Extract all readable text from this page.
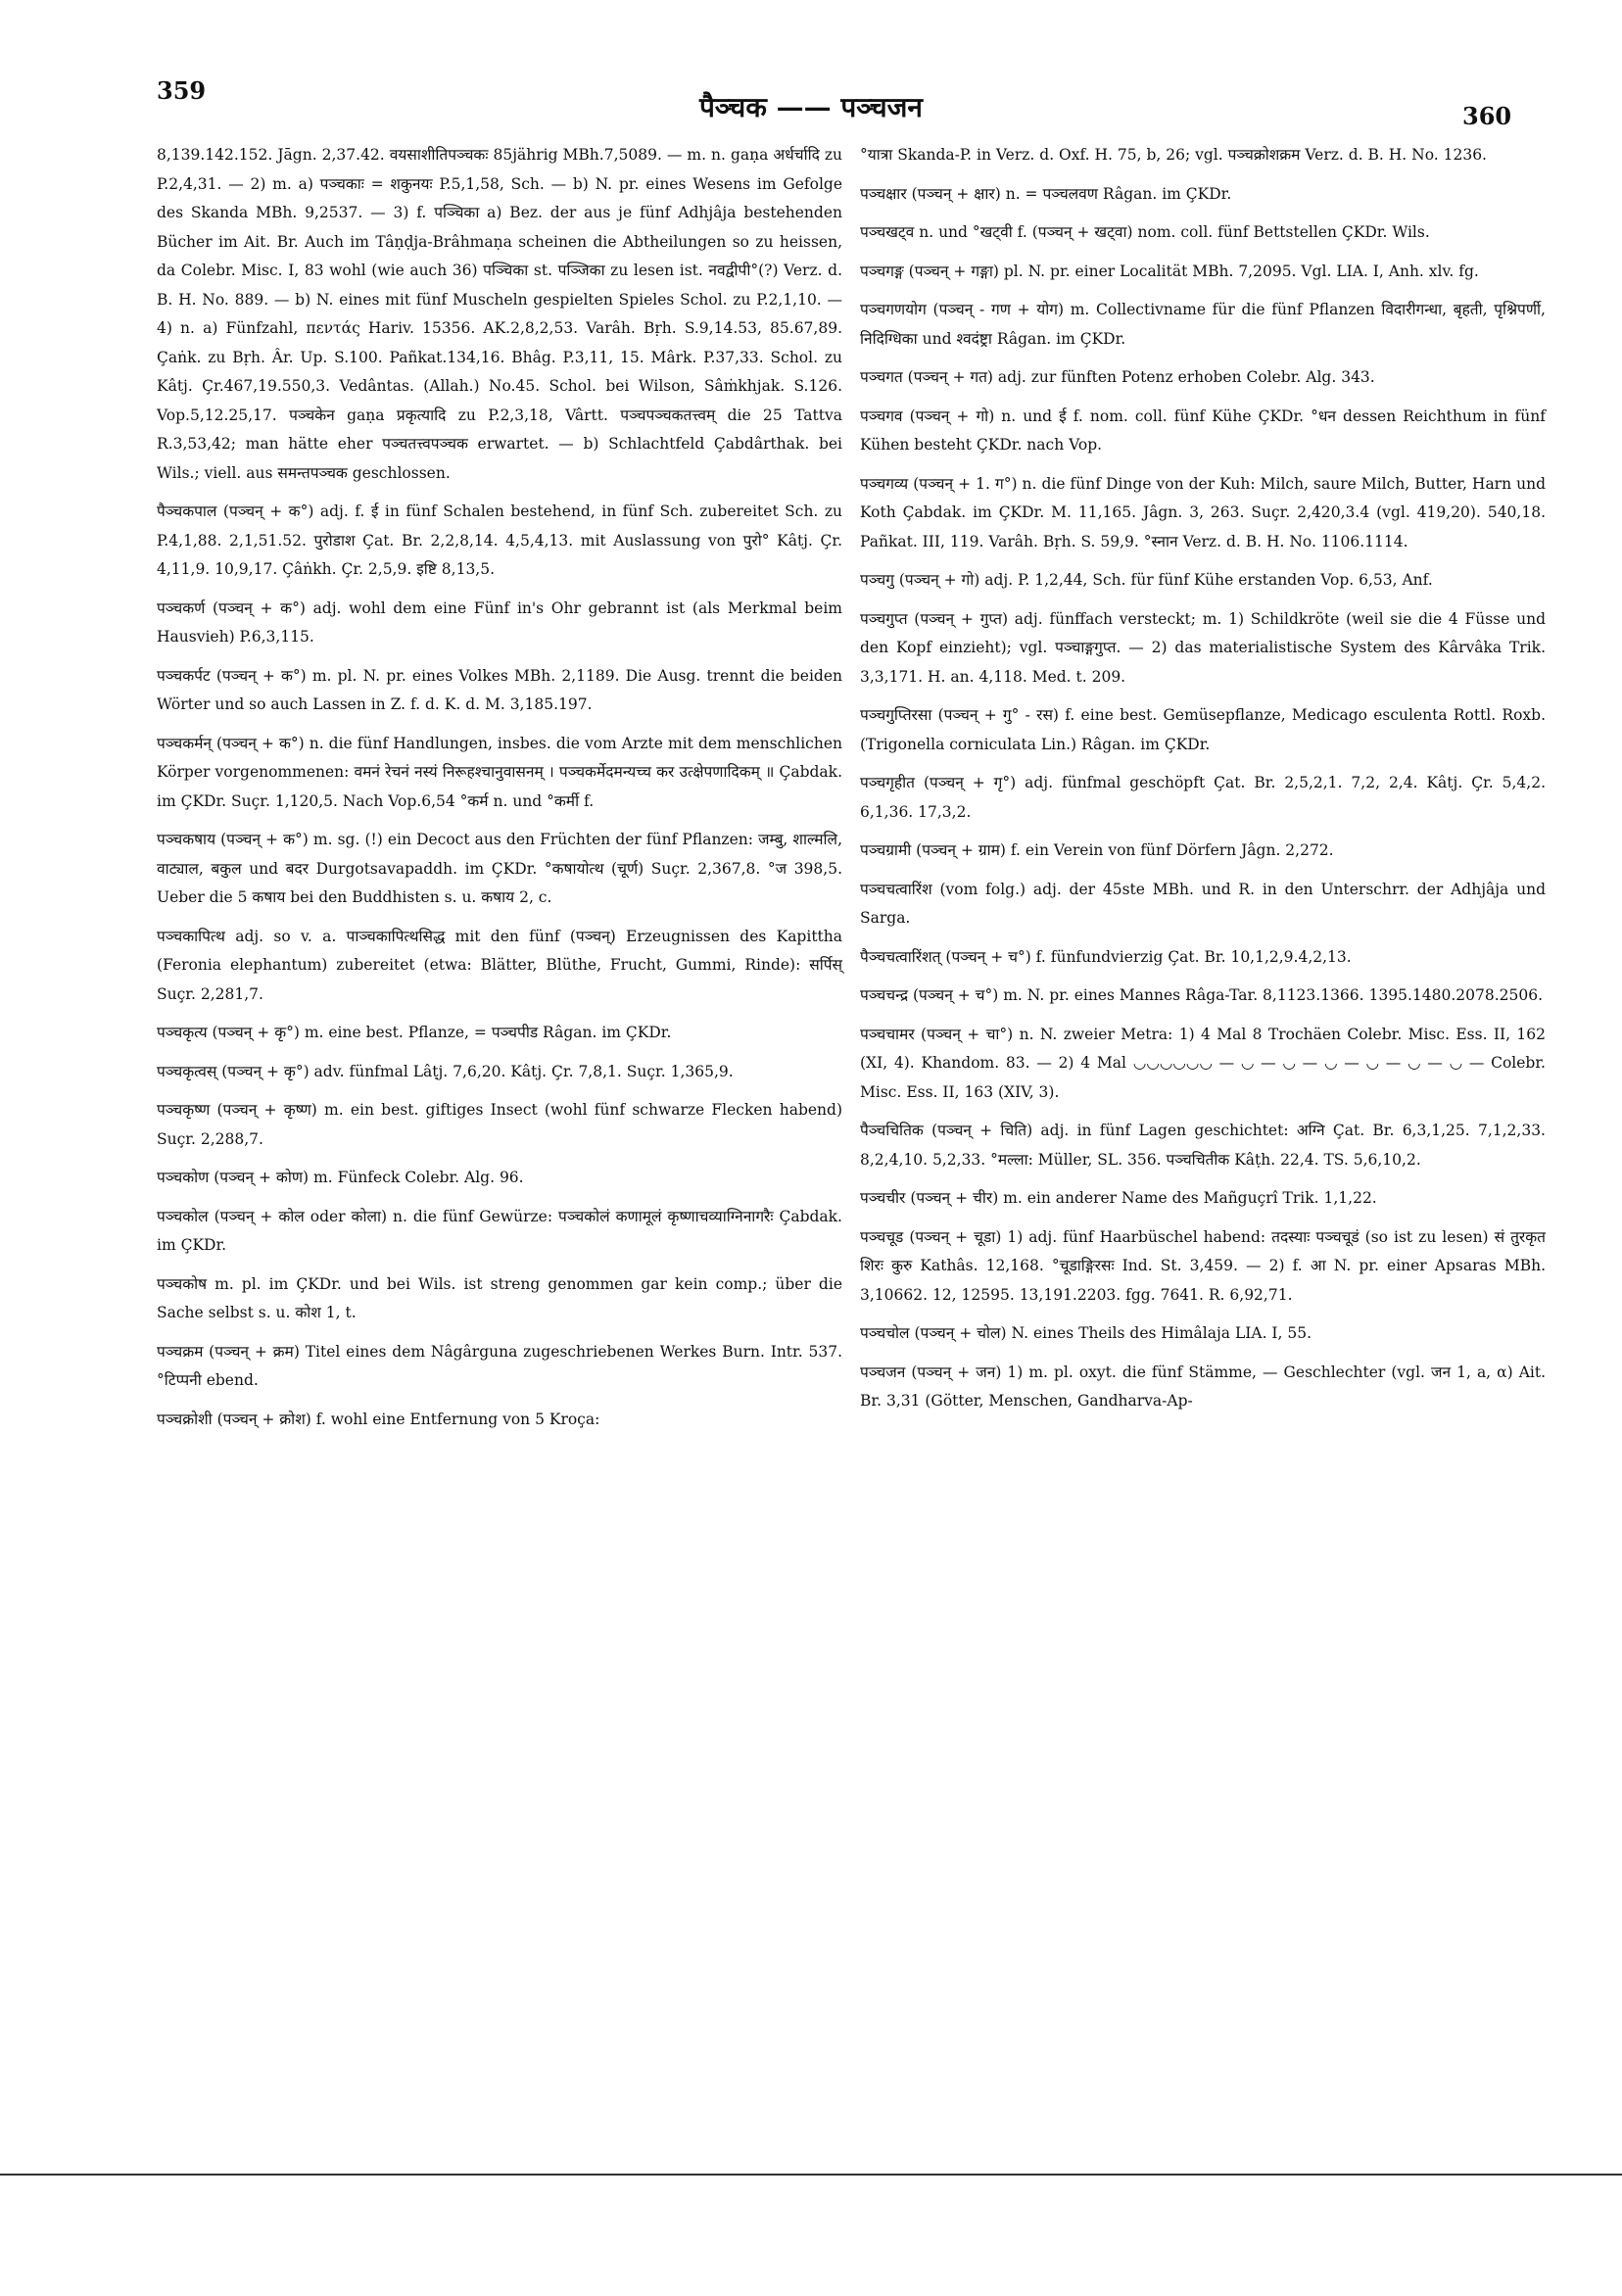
359
पैञ्चक —— पञ्चजन	360

8,139.142.152. Jāgn. 2,37.42. वयसाशीतिपञ्चकः 85jährig MBh.7,5089. — m. n. gaṇa अर्धर्चादि zu P.2,4,31. — 2) m. a) पञ्चकाः = शकुनयः P.5,1,58, Sch. — b) N. pr. eines Wesens im Gefolge des Skanda MBh. 9,2537. — 3) f. पञ्चिका a) Bez. der aus je fünf Adhjâja bestehenden Bücher im Ait. Br. Auch im Tâṇḍja-Brâhmaṇa scheinen die Abtheilungen so zu heissen, da Colebr. Misc. I, 83 wohl (wie auch 36) पञ्चिका st. पञ्जिका zu lesen ist. नवद्वीपी°(?) Verz. d. B. H. No. 889. — b) N. eines mit fünf Muscheln gespielten Spieles Schol. zu P.2,1,10. — 4) n. a) Fünfzahl, πεντάς Hariv. 15356. AK.2,8,2,53. Varâh. Bṛh. S.9,14.53, 85.67,89. Çaṅk. zu Bṛh. Âr. Up. S.100. Pañkat.134,16. Bhâg. P.3,11, 15. Mârk. P.37,33. Schol. zu Kâtj. Çr.467,19.550,3. Vedântas. (Allah.) No.45. Schol. bei Wilson, Sâṁkhjak. S.126. Vop.5,12.25,17. पञ्चकेन gaṇa प्रकृत्यादि zu P.2,3,18, Vârtt. पञ्चपञ्चकतत्त्वम् die 25 Tattva R.3,53,42; man hätte eher पञ्चतत्त्वपञ्चक erwartet. — b) Schlachtfeld Çabdârthak. bei Wils.; viell. aus समन्तपञ्चक geschlossen.

पैञ्चकपाल (पञ्चन् + क°) adj. f. ई in fünf Schalen bestehend, in fünf Sch. zubereitet Sch. zu P.4,1,88. 2,1,51.52. पुरोडाश Çat. Br. 2,2,8,14. 4,5,4,13. mit Auslassung von पुरो° Kâtj. Çr. 4,11,9. 10,9,17. Çâṅkh. Çr. 2,5,9. इष्टि 8,13,5.

पञ्चकर्ण (पञ्चन् + क°) adj. wohl dem eine Fünf in's Ohr gebrannt ist (als Merkmal beim Hausvieh) P.6,3,115.

पञ्चकर्पट (पञ्चन् + क°) m. pl. N. pr. eines Volkes MBh. 2,1189. Die Ausg. trennt die beiden Wörter und so auch Lassen in Z. f. d. K. d. M. 3,185.197.

पञ्चकर्मन् (पञ्चन् + क°) n. die fünf Handlungen, insbes. die vom Arzte mit dem menschlichen Körper vorgenommenen: वमनं रेचनं नस्यं निरूहश्चानुवासनम् । पञ्चकर्मेदमन्यच्च कर उत्क्षेपणादिकम् ॥ Çabdak. im ÇKDr. Suçr. 1,120,5. Nach Vop.6,54 °कर्म n. und °कर्मी f.

पञ्चकषाय (पञ्चन् + क°) m. sg. (!) ein Decoct aus den Früchten der fünf Pflanzen: जम्बु, शाल्मलि, वाट्याल, बकुल und बदर Durgotsavapaddh. im ÇKDr. °कषायोत्थ (चूर्ण) Suçr. 2,367,8. °ज 398,5. Ueber die 5 कषाय bei den Buddhisten s. u. कषाय 2, c.

पञ्चकापित्थ adj. so v. a. पाञ्चकापित्थसिद्ध mit den fünf (पञ्चन्) Erzeugnissen des Kapittha (Feronia elephantum) zubereitet (etwa: Blätter, Blüthe, Frucht, Gummi, Rinde): सर्पिस् Suçr. 2,281,7.

पञ्चकृत्य (पञ्चन् + कृ°) m. eine best. Pflanze, = पञ्चपीड Râgan. im ÇKDr.

पञ्चकृत्वस् (पञ्चन् + कृ°) adv. fünfmal Lâṭj. 7,6,20. Kâtj. Çr. 7,8,1. Suçr. 1,365,9.

पञ्चकृष्ण (पञ्चन् + कृष्ण) m. ein best. giftiges Insect (wohl fünf schwarze Flecken habend) Suçr. 2,288,7.

पञ्चकोण (पञ्चन् + कोण) m. Fünfeck Colebr. Alg. 96.

पञ्चकोल (पञ्चन् + कोल oder कोला) n. die fünf Gewürze: पञ्चकोलं कणामूलं कृष्णाचव्याग्निनागरैः Çabdak. im ÇKDr.

पञ्चकोष m. pl. im ÇKDr. und bei Wils. ist streng genommen gar kein comp.; über die Sache selbst s. u. कोश 1, t.

पञ्चक्रम (पञ्चन् + क्रम) Titel eines dem Nâgârguna zugeschriebenen Werkes Burn. Intr. 537. °टिप्पनी ebend.

पञ्चक्रोशी (पञ्चन् + क्रोश) f. wohl eine Entfernung von 5 Kroça:

°यात्रा Skanda-P. in Verz. d. Oxf. H. 75, b, 26; vgl. पञ्चक्रोशक्रम Verz. d. B. H. No. 1236.

पञ्चक्षार (पञ्चन् + क्षार) n. = पञ्चलवण Râgan. im ÇKDr.

पञ्चखट्व n. und °खट्वी f. (पञ्चन् + खट्वा) nom. coll. fünf Bettstellen ÇKDr. Wils.

पञ्चगङ्ग (पञ्चन् + गङ्गा) pl. N. pr. einer Localität MBh. 7,2095. Vgl. LIA. I, Anh. xlv. fg.

पञ्चगणयोग (पञ्चन् - गण + योग) m. Collectivname für die fünf Pflanzen विदारीगन्धा, बृहती, पृश्निपर्णी, निदिग्धिका und श्वदंष्ट्रा Râgan. im ÇKDr.

पञ्चगत (पञ्चन् + गत) adj. zur fünften Potenz erhoben Colebr. Alg. 343.

पञ्चगव (पञ्चन् + गो) n. und ई f. nom. coll. fünf Kühe ÇKDr. °धन dessen Reichthum in fünf Kühen besteht ÇKDr. nach Vop.

पञ्चगव्य (पञ्चन् + 1. ग°) n. die fünf Dinge von der Kuh: Milch, saure Milch, Butter, Harn und Koth Çabdak. im ÇKDr. M. 11,165. Jâgn. 3, 263. Suçr. 2,420,3.4 (vgl. 419,20). 540,18. Pañkat. III, 119. Varâh. Bṛh. S. 59,9. °स्नान Verz. d. B. H. No. 1106.1114.

पञ्चगु (पञ्चन् + गो) adj. P. 1,2,44, Sch. für fünf Kühe erstanden Vop. 6,53, Anf.

पञ्चगुप्त (पञ्चन् + गुप्त) adj. fünffach versteckt; m. 1) Schildkröte (weil sie die 4 Füsse und den Kopf einzieht); vgl. पञ्चाङ्गगुप्त. — 2) das materialistische System des Kârvâka Trik. 3,3,171. H. an. 4,118. Med. t. 209.

पञ्चगुप्तिरसा (पञ्चन् + गु° - रस) f. eine best. Gemüsepflanze, Medicago esculenta Rottl. Roxb. (Trigonella corniculata Lin.) Râgan. im ÇKDr.

पञ्चगृहीत (पञ्चन् + गृ°) adj. fünfmal geschöpft Çat. Br. 2,5,2,1. 7,2, 2,4. Kâtj. Çr. 5,4,2. 6,1,36. 17,3,2.

पञ्चग्रामी (पञ्चन् + ग्राम) f. ein Verein von fünf Dörfern Jâgn. 2,272.

पञ्चचत्वारिंश (vom folg.) adj. der 45ste MBh. und R. in den Unterschrr. der Adhjâja und Sarga.

पैञ्चचत्वारिंशत् (पञ्चन् + च°) f. fünfundvierzig Çat. Br. 10,1,2,9.4,2,13.

पञ्चचन्द्र (पञ्चन् + च°) m. N. pr. eines Mannes Râga-Tar. 8,1123.1366. 1395.1480.2078.2506.

पञ्चचामर (पञ्चन् + चा°) n. N. zweier Metra: 1) 4 Mal 8 Trochäen Colebr. Misc. Ess. II, 162 (XI, 4). Khandom. 83. — 2) 4 Mal ◡◡◡◡◡◡ — ◡ — ◡ — ◡ — ◡ — ◡ — ◡ — Colebr. Misc. Ess. II, 163 (XIV, 3).

पैञ्चचितिक (पञ्चन् + चिति) adj. in fünf Lagen geschichtet: अग्नि Çat. Br. 6,3,1,25. 7,1,2,33. 8,2,4,10. 5,2,33. °मल्ला: Müller, SL. 356. पञ्चचितीक Kâṭh. 22,4. TS. 5,6,10,2.

पञ्चचीर (पञ्चन् + चीर) m. ein anderer Name des Mañguçrî Trik. 1,1,22.

पञ्चचूड (पञ्चन् + चूडा) 1) adj. fünf Haarbüschel habend: तदस्याः पञ्चचूडं (so ist zu lesen) सं तुरकृत शिरः कुरु Kathâs. 12,168. °चूडाङ्गिरसः Ind. St. 3,459. — 2) f. आ N. pr. einer Apsaras MBh. 3,10662. 12, 12595. 13,191.2203. fgg. 7641. R. 6,92,71.

पञ्चचोल (पञ्चन् + चोल) N. eines Theils des Himâlaja LIA. I, 55.

पञ्चजन (पञ्चन् + जन) 1) m. pl. oxyt. die fünf Stämme, — Geschlechter (vgl. जन 1, a, α) Ait. Br. 3,31 (Götter, Menschen, Gandharva-Ap-
